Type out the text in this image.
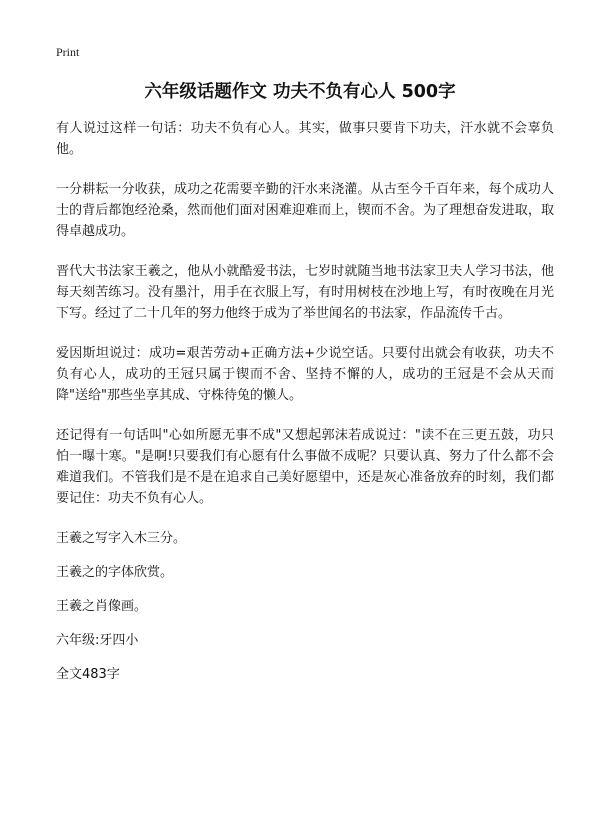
Print
六年级话题作文 功夫不负有心人 500字

有人说过这样一句话：功夫不负有心人。其实，做事只要肯下功夫，汗水就不会辜负他。

一分耕耘一分收获，成功之花需要辛勤的汗水来浇灌。从古至今千百年来，每个成功人士的背后都饱经沧桑，然而他们面对困难迎难而上，锲而不舍。为了理想奋发进取，取得卓越成功。

晋代大书法家王羲之，他从小就酷爱书法，七岁时就随当地书法家卫夫人学习书法，他每天刻苦练习。没有墨汁，用手在衣服上写，有时用树枝在沙地上写，有时夜晚在月光下写。经过了二十几年的努力他终于成为了举世闻名的书法家，作品流传千古。

爱因斯坦说过：成功=艰苦劳动+正确方法+少说空话。只要付出就会有收获，功夫不负有心人，成功的王冠只属于锲而不舍、坚持不懈的人，成功的王冠是不会从天而降"送给"那些坐享其成、守株待兔的懒人。

还记得有一句话叫"心如所愿无事不成"又想起郭沫若成说过："读不在三更五鼓，功只怕一曝十寒。"是啊!只要我们有心愿有什么事做不成呢？只要认真、努力了什么都不会难道我们。不管我们是不是在追求自己美好愿望中，还是灰心准备放弃的时刻，我们都要记住：功夫不负有心人。

王羲之写字入木三分。

王羲之的字体欣赏。

王羲之肖像画。

六年级:牙四小

全文483字
